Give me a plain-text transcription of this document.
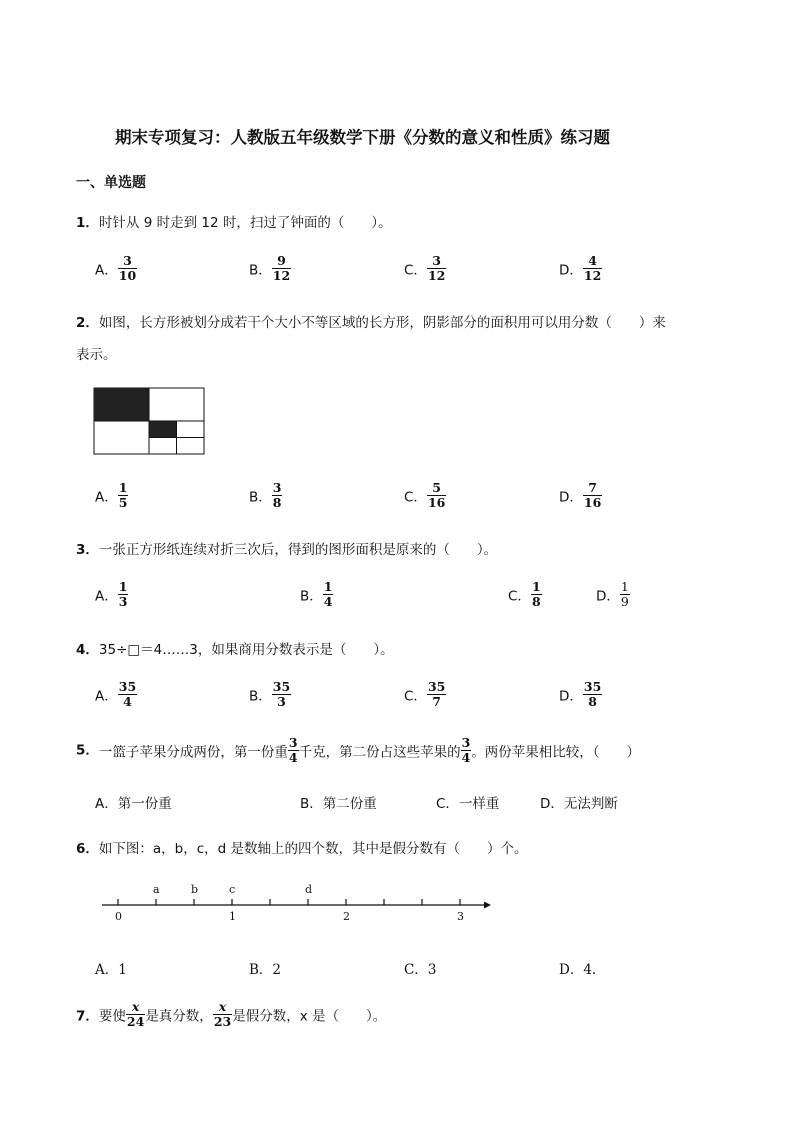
期末专项复习：人教版五年级数学下册《分数的意义和性质》练习题
一、单选题
1．时针从 9 时走到 12 时，扫过了钟面的（　　）。
A． $\frac{3}{10}$	B． $\frac{9}{12}$	C． $\frac{3}{12}$	D． $\frac{4}{12}$
2．如图，长方形被划分成若干个大小不等区域的长方形，阴影部分的面积用可以用分数（　　）来
表示。
A． $\frac{1}{5}$	B． $\frac{3}{8}$	C． $\frac{5}{16}$	D． $\frac{7}{16}$
3．一张正方形纸连续对折三次后，得到的图形面积是原来的（　　）。
A． $\frac{1}{3}$	B． $\frac{1}{4}$	C． $\frac{1}{8}$	D． $\frac{1}{9}$
4．35÷□＝4……3，如果商用分数表示是（　　）。
A． $\frac{35}{4}$	B． $\frac{35}{3}$	C． $\frac{35}{7}$	D． $\frac{35}{8}$
5．一篮子苹果分成两份，第一份重 $\frac{3}{4}$ 千克，第二份占这些苹果的 $\frac{3}{4}$ 。两份苹果相比较，（　　）
A．第一份重	B．第二份重	C．一样重	D．无法判断
6．如下图：a，b，c，d 是数轴上的四个数，其中是假分数有（　　）个。
0	1	2	3
a	b	c	d
A．1	B．2	C．3	D．4.
7．要使 $\frac{x}{24}$ 是真分数， $\frac{x}{23}$ 是假分数，x 是（　　）。
